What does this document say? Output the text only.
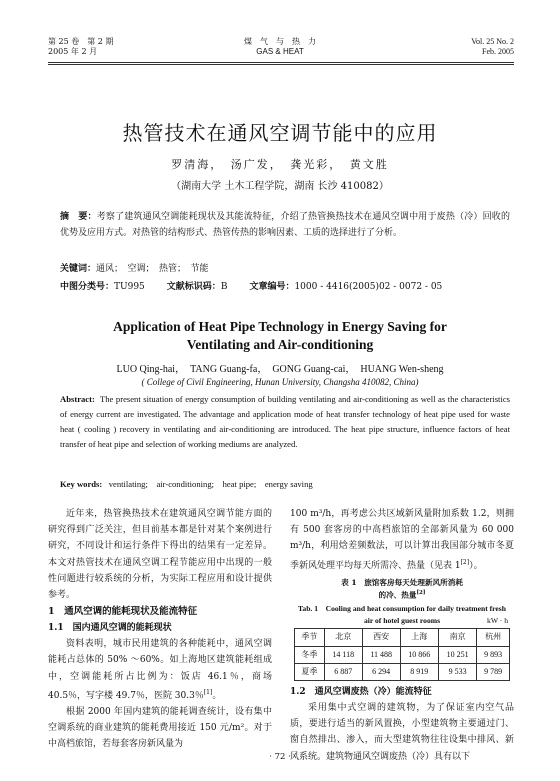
第 25 卷　第 2 期
2005 年 2 月
煤　气　与　热　力
GAS & HEAT
Vol. 25 No. 2
Feb. 2005
热管技术在通风空调节能中的应用
罗清海，　汤广发，　龚光彩，　黄文胜
（湖南大学 土木工程学院，湖南 长沙 410082）
摘　要：考察了建筑通风空调能耗现状及其能流特征，介绍了热管换热技术在通风空调中用于废热（冷）回收的优势及应用方式。对热管的结构形式、热管传热的影响因素、工质的选择进行了分析。
关键词：通风；　空调；　热管；　节能
中图分类号：TU995 文献标识码：B 文章编号：1000 - 4416(2005)02 - 0072 - 05
Application of Heat Pipe Technology in Energy Saving for
Ventilating and Air-conditioning
LUO Qing-hai，　TANG Guang-fa，　GONG Guang-cai，　HUANG Wen-sheng
( College of Civil Engineering, Hunan University, Changsha 410082, China)
Abstract: The present situation of energy consumption of building ventilating and air-conditioning as well as the characteristics of energy current are investigated. The advantage and application mode of heat transfer technology of heat pipe used for waste heat ( cooling ) recovery in ventilating and air-conditioning are introduced. The heat pipe structure, influence factors of heat transfer of heat pipe and selection of working mediums are analyzed.
Key words: ventilating;　air-conditioning;　heat pipe;　energy saving

近年来，热管换热技术在建筑通风空调节能方面的研究得到广泛关注，但目前基本都是针对某个案例进行研究，不同设计和运行条件下得出的结果有一定差异。本文对热管技术在通风空调工程节能应用中出现的一般性问题进行较系统的分析，为实际工程应用和设计提供参考。

1　通风空调的能耗现状及能流特征

1.1　国内通风空调的能耗现状

资料表明，城市民用建筑的各种能耗中，通风空调能耗占总体的 50% ～60%。如上海地区建筑能耗组成中，空调能耗所占比例为：饭店 46.1％，商场 40.5％，写字楼 49.7％，医院 30.3％[1]。

根据 2000 年国内建筑的能耗调查统计，设有集中空调系统的商业建筑的能耗费用接近 150 元/m²。对于中高档旅馆，若每套客房新风量为

100 m³/h，再考虑公共区域新风量附加系数 1.2，则拥有 500 套客房的中高档旅馆的全部新风量为 60 000 m³/h，利用焓差频数法，可以计算出我国部分城市冬夏季新风处理平均每天所需冷、热量（见表 1[2]）。

表 1　旅馆客房每天处理新风所消耗
的冷、热量[2]
Tab. 1　Cooling and heat consumption for daily treatment fresh
air of hotel guest rooms	kW · h
季节	北京	西安	上海	南京	杭州
冬季	14 118	11 488	10 866	10 251	9 893
夏季	6 887	6 294	8 919	9 533	9 789

1.2　通风空调废热（冷）能流特征

采用集中式空调的建筑物，为了保证室内空气品质，要进行适当的新风置换，小型建筑物主要通过门、窗自然排出、渗入，而大型建筑物往往设集中排风、新风系统。建筑物通风空调废热（冷）具有以下

· 72 ·
